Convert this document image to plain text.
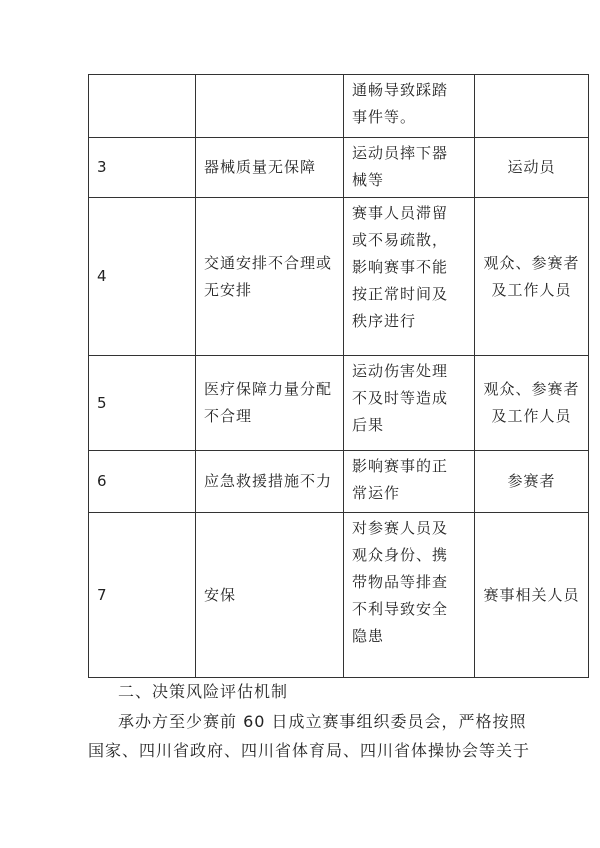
		通畅导致踩踏
事件等。	

3	器械质量无保障	运动员摔下器
械等	运动员

4	交通安排不合理或
无安排	赛事人员滞留
或不易疏散，
影响赛事不能
按正常时间及
秩序进行	观众、参赛者
及工作人员

5	医疗保障力量分配
不合理	运动伤害处理
不及时等造成
后果	观众、参赛者
及工作人员

6	应急救援措施不力	影响赛事的正
常运作	参赛者

7	安保	对参赛人员及
观众身份、携
带物品等排查
不利导致安全
隐患	赛事相关人员
二、决策风险评估机制
承办方至少赛前 60 日成立赛事组织委员会，严格按照
国家、四川省政府、四川省体育局、四川省体操协会等关于
